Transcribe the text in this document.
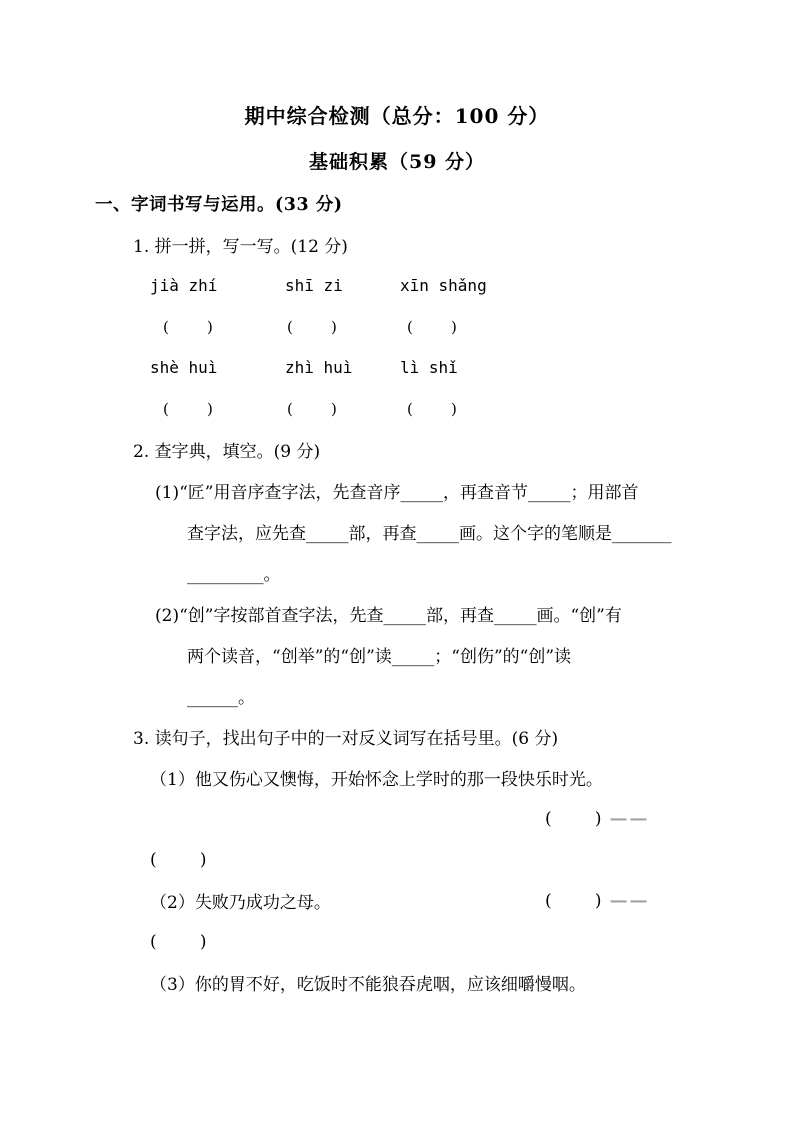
期中综合检测（总分：100 分）
基础积累（59 分）
一、字词书写与运用。(33 分)
1. 拼一拼，写一写。(12 分)
jià zhí	shī zi	xīn shǎng
(        )	(        )	(        )
shè huì	zhì huì	lì shǐ
(        )	(        )	(        )
2. 查字典，填空。(9 分)
(1)“匠”用音序查字法，先查音序_____，再查音节_____；用部首
查字法，应先查_____部，再查_____画。这个字的笔顺是_______
_________。
(2)“创”字按部首查字法，先查_____部，再查_____画。“创”有
两个读音，“创举”的“创”读_____；“创伤”的“创”读
______。
3. 读句子，找出句子中的一对反义词写在括号里。(6 分)
（1）他又伤心又懊悔，开始怀念上学时的那一段快乐时光。
(        ) ——
(        )
（2）失败乃成功之母。	(        ) ——
(        )
（3）你的胃不好，吃饭时不能狼吞虎咽，应该细嚼慢咽。
